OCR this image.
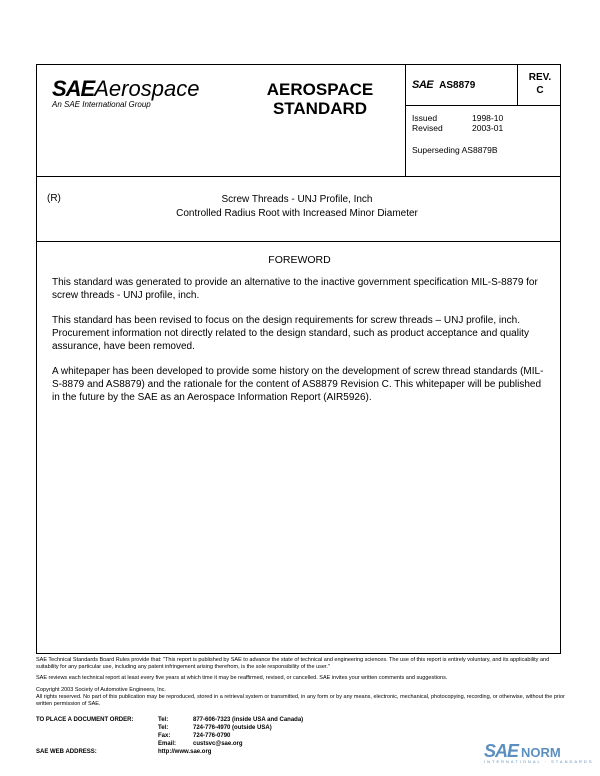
SAEAerospace
An SAE International Group
AEROSPACE
STANDARD
SAE AS8879
REV.
C
Issued	1998-10
Revised	2003-01
Superseding AS8879B
(R)	Screw Threads - UNJ Profile, Inch
Controlled Radius Root with Increased Minor Diameter
FOREWORD
This standard was generated to provide an alternative to the inactive government specification MIL-S-8879 for screw threads - UNJ profile, inch.
This standard has been revised to focus on the design requirements for screw threads – UNJ profile, inch. Procurement information not directly related to the design standard, such as product acceptance and quality assurance, have been removed.
A whitepaper has been developed to provide some history on the development of screw thread standards (MIL-S-8879 and AS8879) and the rationale for the content of AS8879 Revision C. This whitepaper will be published in the future by the SAE as an Aerospace Information Report (AIR5926).
SAE Technical Standards Board Rules provide that: "This report is published by SAE to advance the state of technical and engineering sciences. The use of this report is entirely voluntary, and its applicability and suitability for any particular use, including any patent infringement arising therefrom, is the sole responsibility of the user."
SAE reviews each technical report at least every five years at which time it may be reaffirmed, revised, or cancelled. SAE invites your written comments and suggestions.
Copyright 2003 Society of Automotive Engineers, Inc.
All rights reserved. No part of this publication may be reproduced, stored in a retrieval system or transmitted, in any form or by any means, electronic, mechanical, photocopying, recording, or otherwise, without the prior written permission of SAE.
TO PLACE A DOCUMENT ORDER:	Tel:	877-606-7323 (inside USA and Canada)
Tel:	724-776-4970 (outside USA)
Fax:	724-776-0790
Email:	custsvc@sae.org
SAE WEB ADDRESS:	http://www.sae.org	SAE NORM
INTERNATIONAL · STANDARDS
